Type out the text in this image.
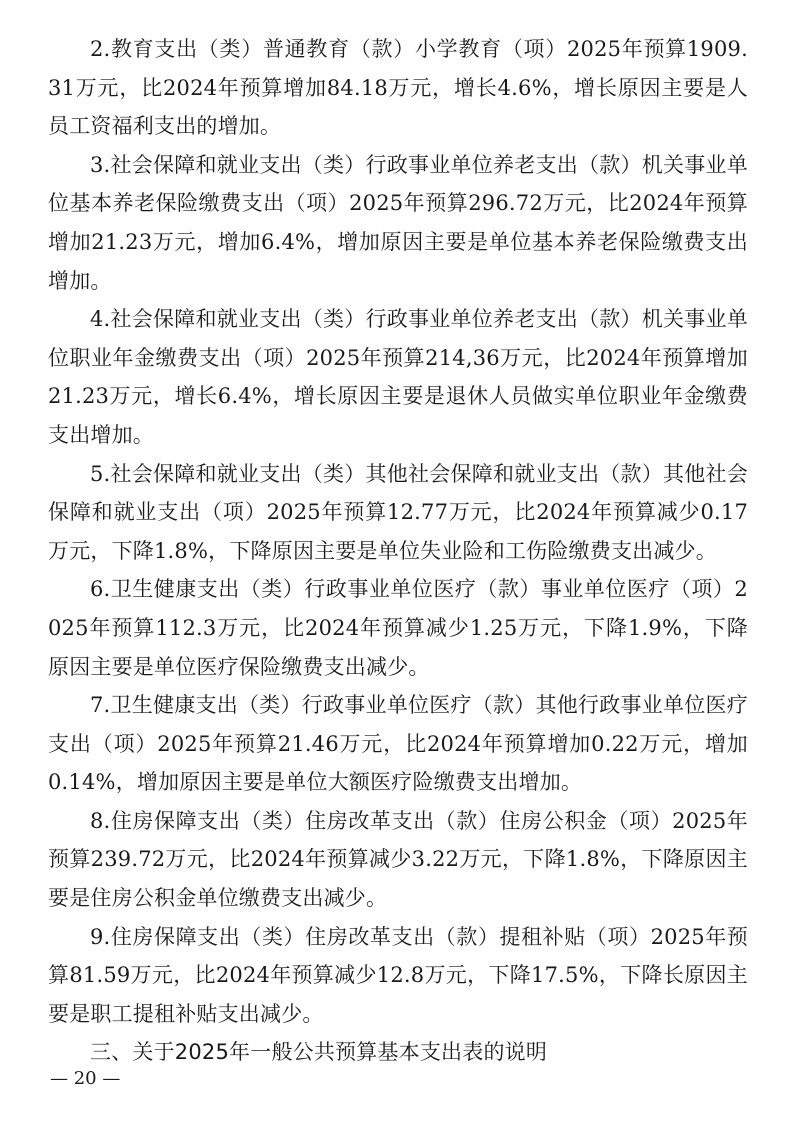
2.教育支出（类）普通教育（款）小学教育（项）2025年预算1909.31万元，比2024年预算增加84.18万元，增长4.6%，增长原因主要是人员工资福利支出的增加。

3.社会保障和就业支出（类）行政事业单位养老支出（款）机关事业单位基本养老保险缴费支出（项）2025年预算296.72万元，比2024年预算增加21.23万元，增加6.4%，增加原因主要是单位基本养老保险缴费支出增加。

4.社会保障和就业支出（类）行政事业单位养老支出（款）机关事业单位职业年金缴费支出（项）2025年预算214,36万元，比2024年预算增加21.23万元，增长6.4%，增长原因主要是退休人员做实单位职业年金缴费支出增加。

5.社会保障和就业支出（类）其他社会保障和就业支出（款）其他社会保障和就业支出（项）2025年预算12.77万元，比2024年预算减少0.17万元，下降1.8%，下降原因主要是单位失业险和工伤险缴费支出减少。

6.卫生健康支出（类）行政事业单位医疗（款）事业单位医疗（项）2025年预算112.3万元，比2024年预算减少1.25万元，下降1.9%，下降原因主要是单位医疗保险缴费支出减少。

7.卫生健康支出（类）行政事业单位医疗（款）其他行政事业单位医疗支出（项）2025年预算21.46万元，比2024年预算增加0.22万元，增加0.14%，增加原因主要是单位大额医疗险缴费支出增加。

8.住房保障支出（类）住房改革支出（款）住房公积金（项）2025年预算239.72万元，比2024年预算减少3.22万元，下降1.8%，下降原因主要是住房公积金单位缴费支出减少。

9.住房保障支出（类）住房改革支出（款）提租补贴（项）2025年预算81.59万元，比2024年预算减少12.8万元，下降17.5%，下降长原因主要是职工提租补贴支出减少。

三、关于2025年一般公共预算基本支出表的说明

— 20 —
